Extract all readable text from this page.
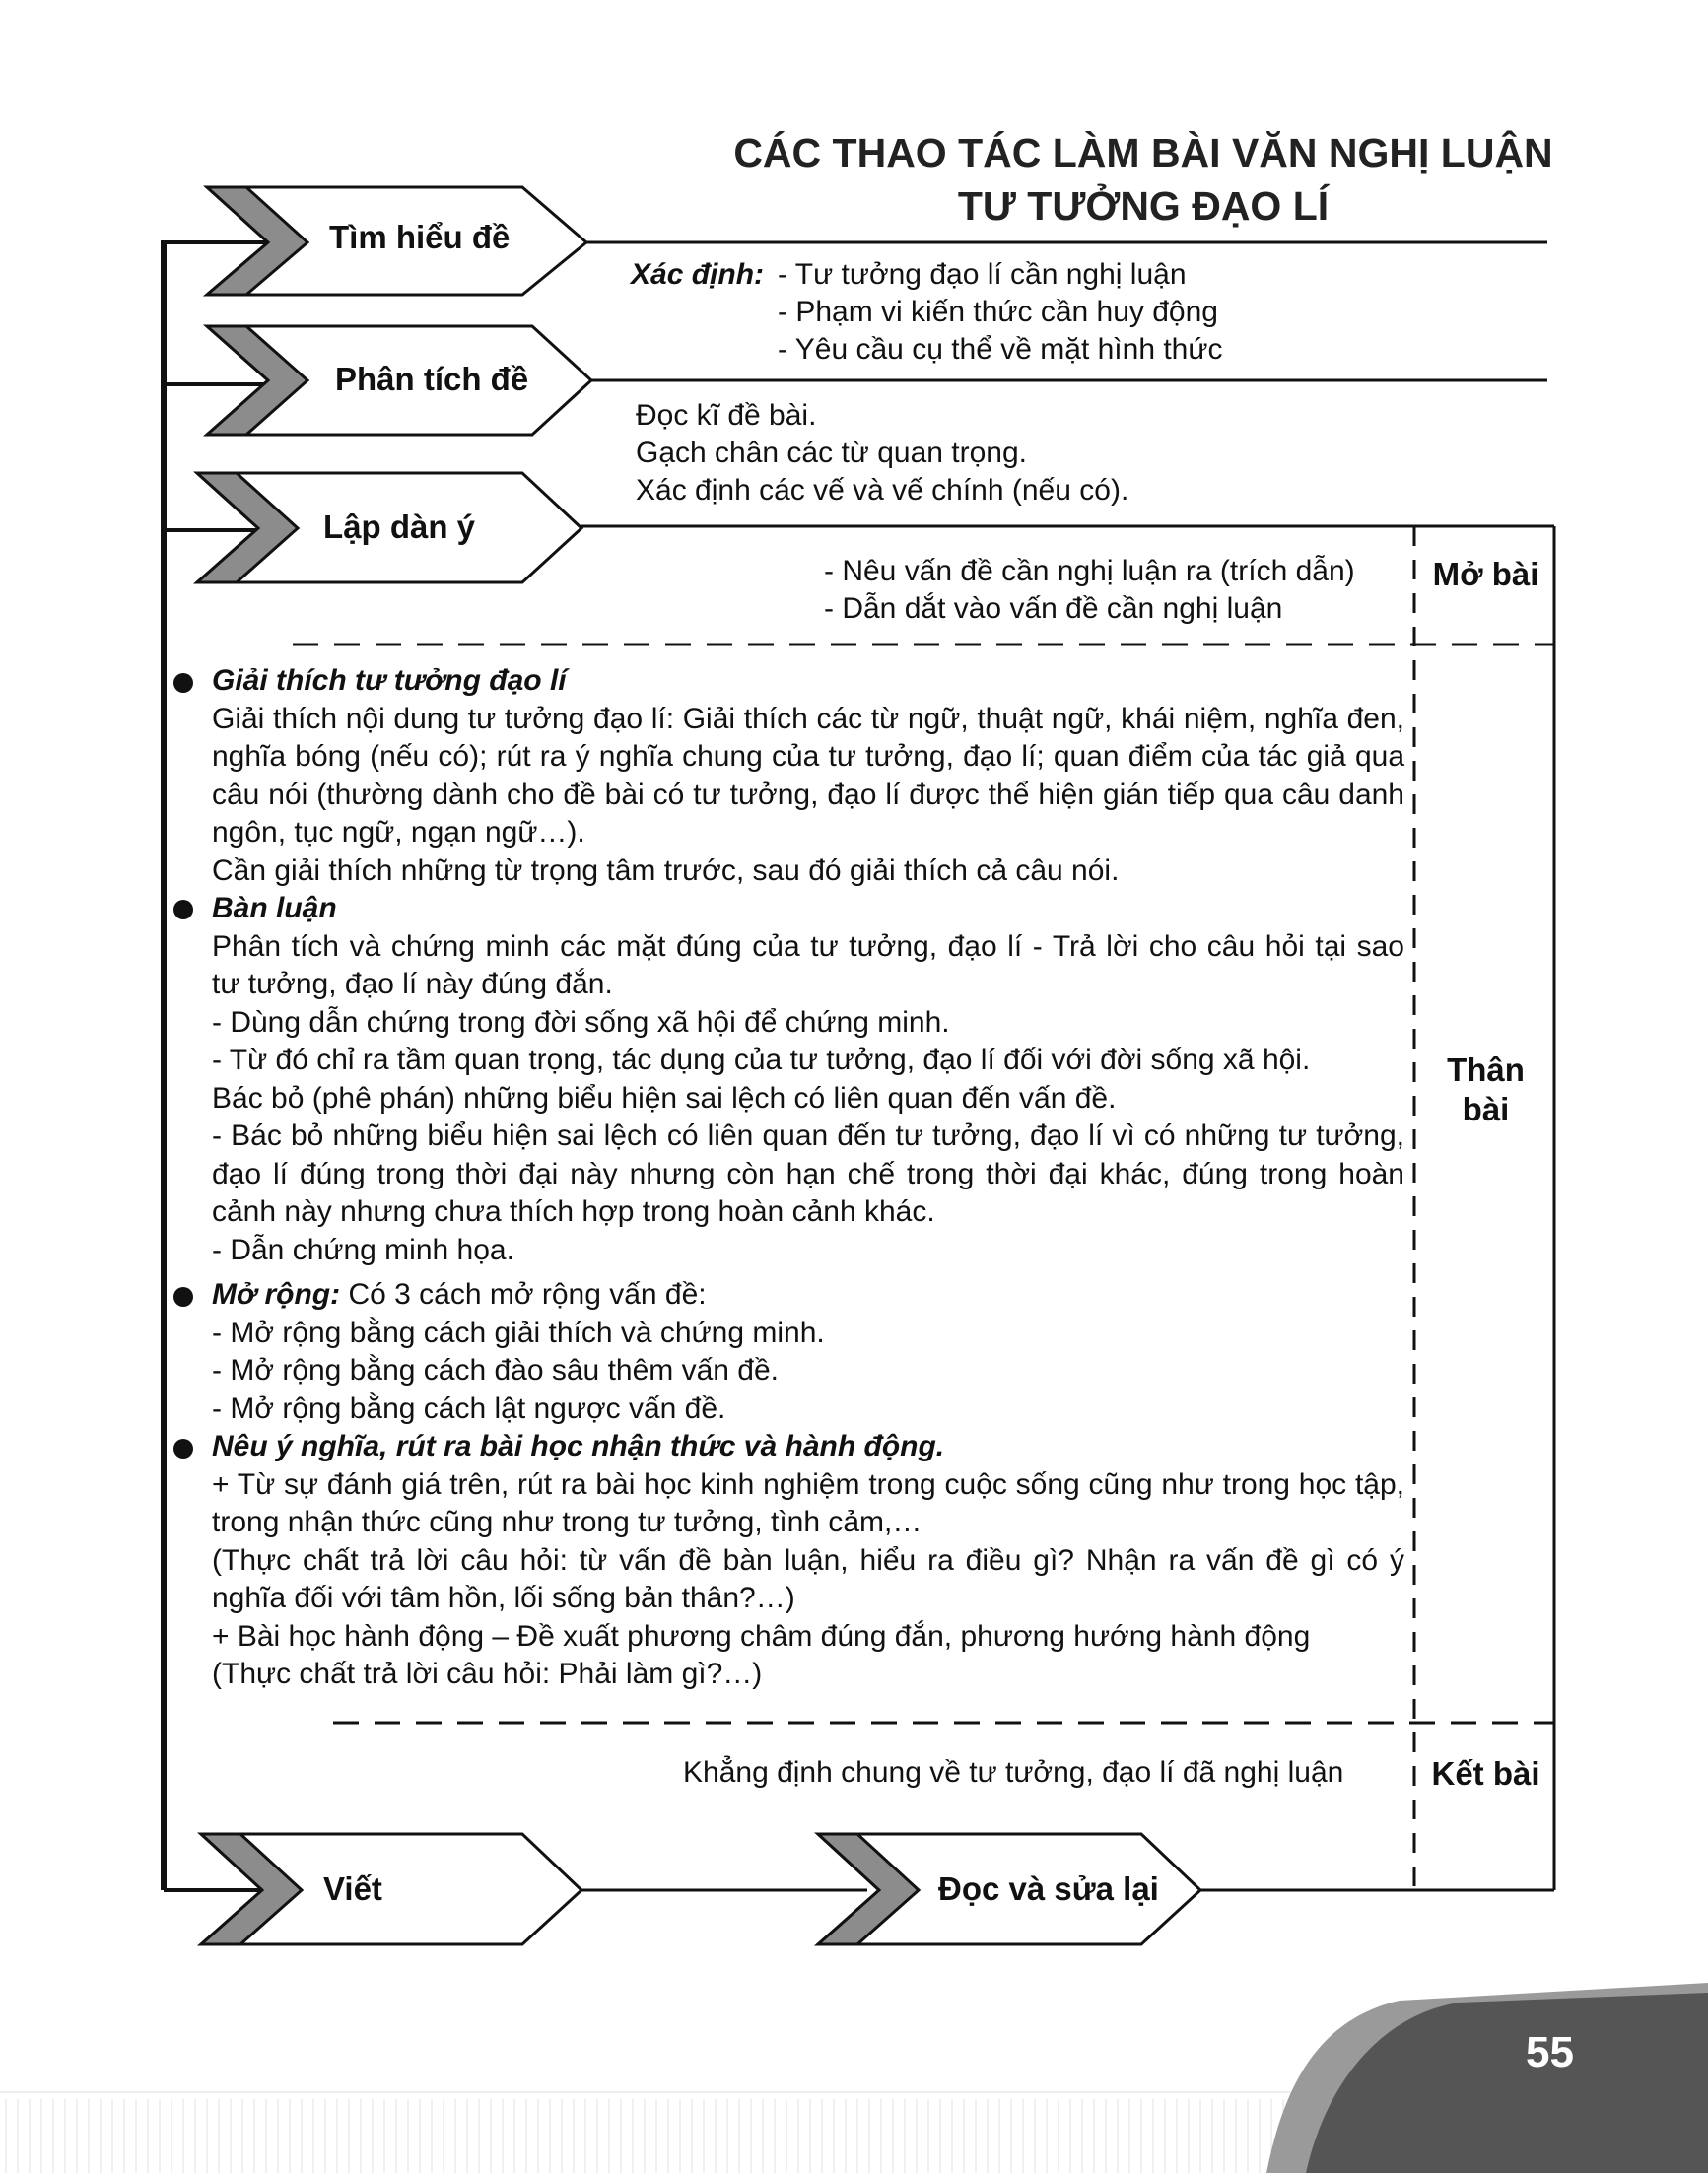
CÁC THAO TÁC LÀM BÀI VĂN NGHỊ LUẬN
TƯ TƯỞNG ĐẠO LÍ
Tìm hiểu đề
Phân tích đề
Lập dàn ý
Viết	Đọc và sửa lại
Xác định: - Tư tưởng đạo lí cần nghị luận
- Phạm vi kiến thức cần huy động
- Yêu cầu cụ thể về mặt hình thức
Đọc kĩ đề bài.
Gạch chân các từ quan trọng.
Xác định các vế và vế chính (nếu có).
- Nêu vấn đề cần nghị luận ra (trích dẫn)
- Dẫn dắt vào vấn đề cần nghị luận
Mở bài
Thân
bài
Giải thích tư tưởng đạo lí
Giải thích nội dung tư tưởng đạo lí: Giải thích các từ ngữ, thuật ngữ, khái niệm, nghĩa đen,
nghĩa bóng (nếu có); rút ra ý nghĩa chung của tư tưởng, đạo lí; quan điểm của tác giả qua
câu nói (thường dành cho đề bài có tư tưởng, đạo lí được thể hiện gián tiếp qua câu danh
ngôn, tục ngữ, ngạn ngữ…).
Cần giải thích những từ trọng tâm trước, sau đó giải thích cả câu nói.
Bàn luận
Phân tích và chứng minh các mặt đúng của tư tưởng, đạo lí - Trả lời cho câu hỏi tại sao
tư tưởng, đạo lí này đúng đắn.
- Dùng dẫn chứng trong đời sống xã hội để chứng minh.
- Từ đó chỉ ra tầm quan trọng, tác dụng của tư tưởng, đạo lí đối với đời sống xã hội.
Bác bỏ (phê phán) những biểu hiện sai lệch có liên quan đến vấn đề.
- Bác bỏ những biểu hiện sai lệch có liên quan đến tư tưởng, đạo lí vì có những tư tưởng,
đạo lí đúng trong thời đại này nhưng còn hạn chế trong thời đại khác, đúng trong hoàn
cảnh này nhưng chưa thích hợp trong hoàn cảnh khác.
- Dẫn chứng minh họa.
Mở rộng: Có 3 cách mở rộng vấn đề:
- Mở rộng bằng cách giải thích và chứng minh.
- Mở rộng bằng cách đào sâu thêm vấn đề.
- Mở rộng bằng cách lật ngược vấn đề.
Nêu ý nghĩa, rút ra bài học nhận thức và hành động.
+ Từ sự đánh giá trên, rút ra bài học kinh nghiệm trong cuộc sống cũng như trong học tập,
trong nhận thức cũng như trong tư tưởng, tình cảm,…
(Thực chất trả lời câu hỏi: từ vấn đề bàn luận, hiểu ra điều gì? Nhận ra vấn đề gì có ý
nghĩa đối với tâm hồn, lối sống bản thân?…)
+ Bài học hành động – Đề xuất phương châm đúng đắn, phương hướng hành động
(Thực chất trả lời câu hỏi: Phải làm gì?…)
Khẳng định chung về tư tưởng, đạo lí đã nghị luận	Kết bài
55
